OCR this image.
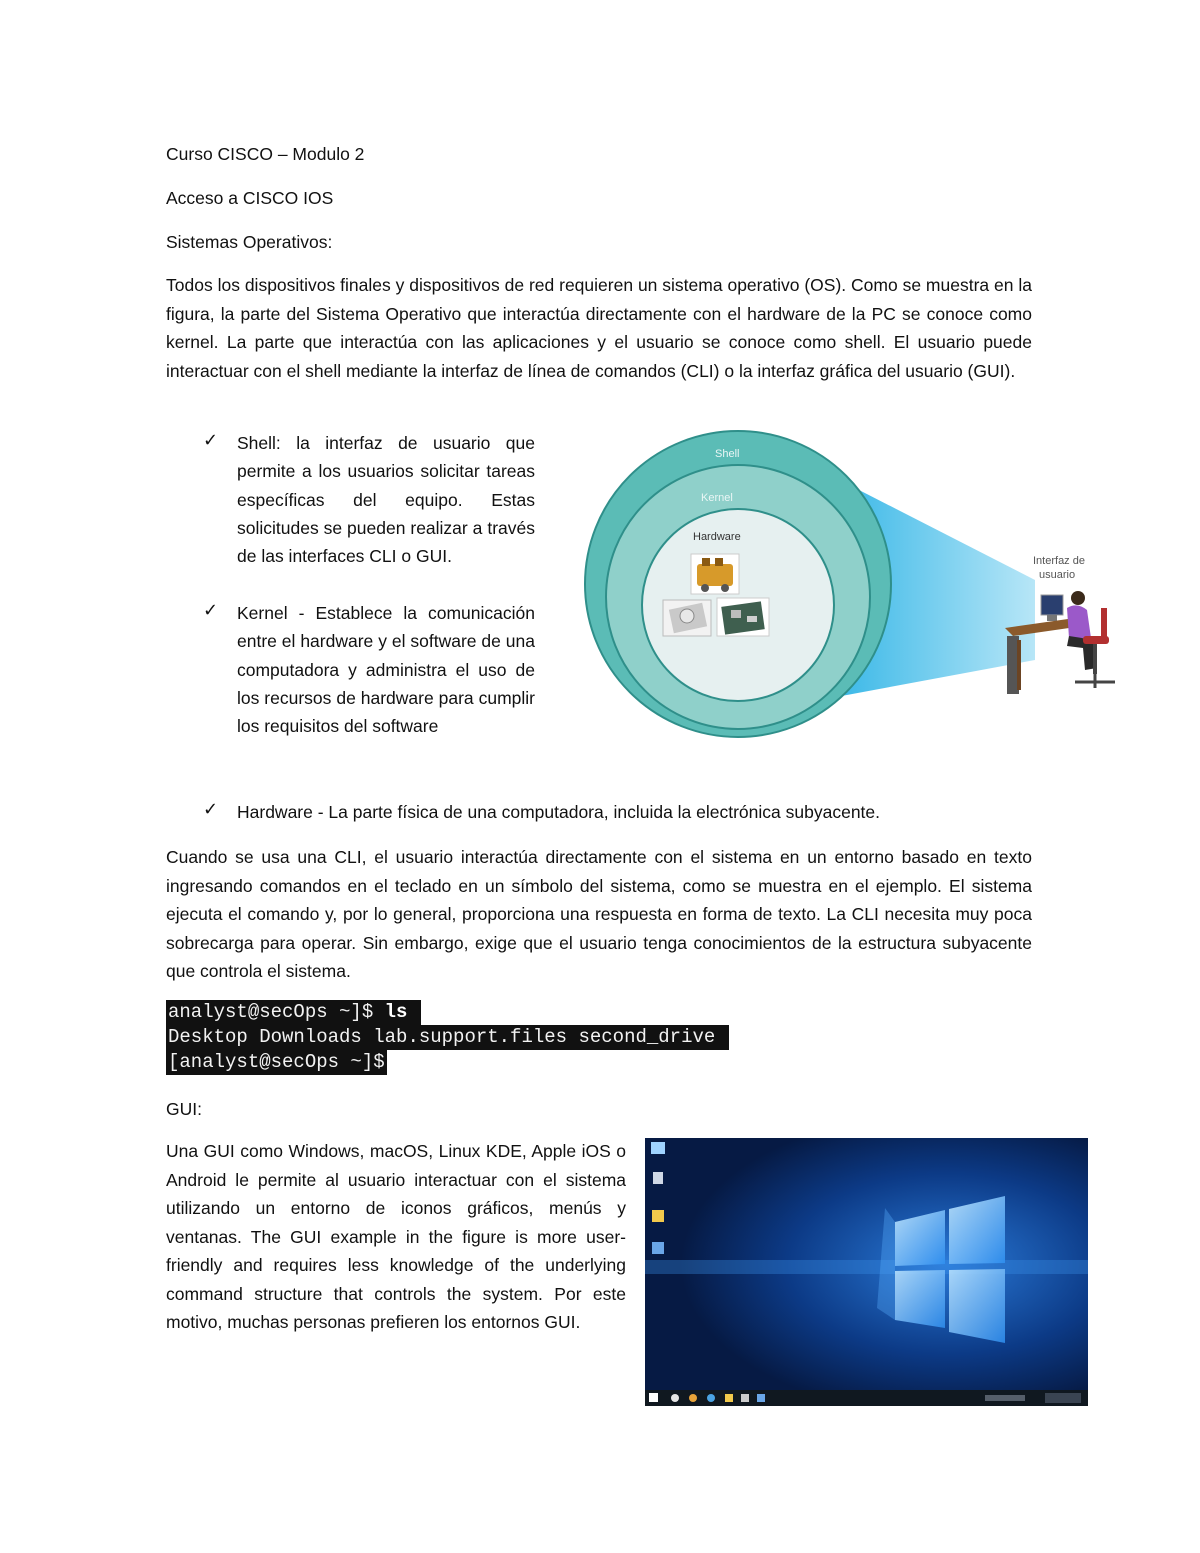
Curso CISCO – Modulo 2
Acceso a CISCO IOS
Sistemas Operativos:
Todos los dispositivos finales y dispositivos de red requieren un sistema operativo (OS). Como se muestra en la figura, la parte del Sistema Operativo que interactúa directamente con el hardware de la PC se conoce como kernel. La parte que interactúa con las aplicaciones y el usuario se conoce como shell. El usuario puede interactuar con el shell mediante la interfaz de línea de comandos (CLI) o la interfaz gráfica del usuario (GUI).
✓ Shell: la interfaz de usuario que permite a los usuarios solicitar tareas específicas del equipo. Estas solicitudes se pueden realizar a través de las interfaces CLI o GUI.
✓ Kernel - Establece la comunicación entre el hardware y el software de una computadora y administra el uso de los recursos de hardware para cumplir los requisitos del software
✓ Hardware - La parte física de una computadora, incluida la electrónica subyacente.
Shell
Kernel
Hardware
Interfaz de
usuario
Cuando se usa una CLI, el usuario interactúa directamente con el sistema en un entorno basado en texto ingresando comandos en el teclado en un símbolo del sistema, como se muestra en el ejemplo. El sistema ejecuta el comando y, por lo general, proporciona una respuesta en forma de texto. La CLI necesita muy poca sobrecarga para operar. Sin embargo, exige que el usuario tenga conocimientos de la estructura subyacente que controla el sistema.
analyst@secOps ~]$ ls
Desktop Downloads lab.support.files second_drive
[analyst@secOps ~]$
GUI:
Una GUI como Windows, macOS, Linux KDE, Apple iOS o Android le permite al usuario interactuar con el sistema utilizando un entorno de iconos gráficos, menús y ventanas. The GUI example in the figure is more user-friendly and requires less knowledge of the underlying command structure that controls the system. Por este motivo, muchas personas prefieren los entornos GUI.
